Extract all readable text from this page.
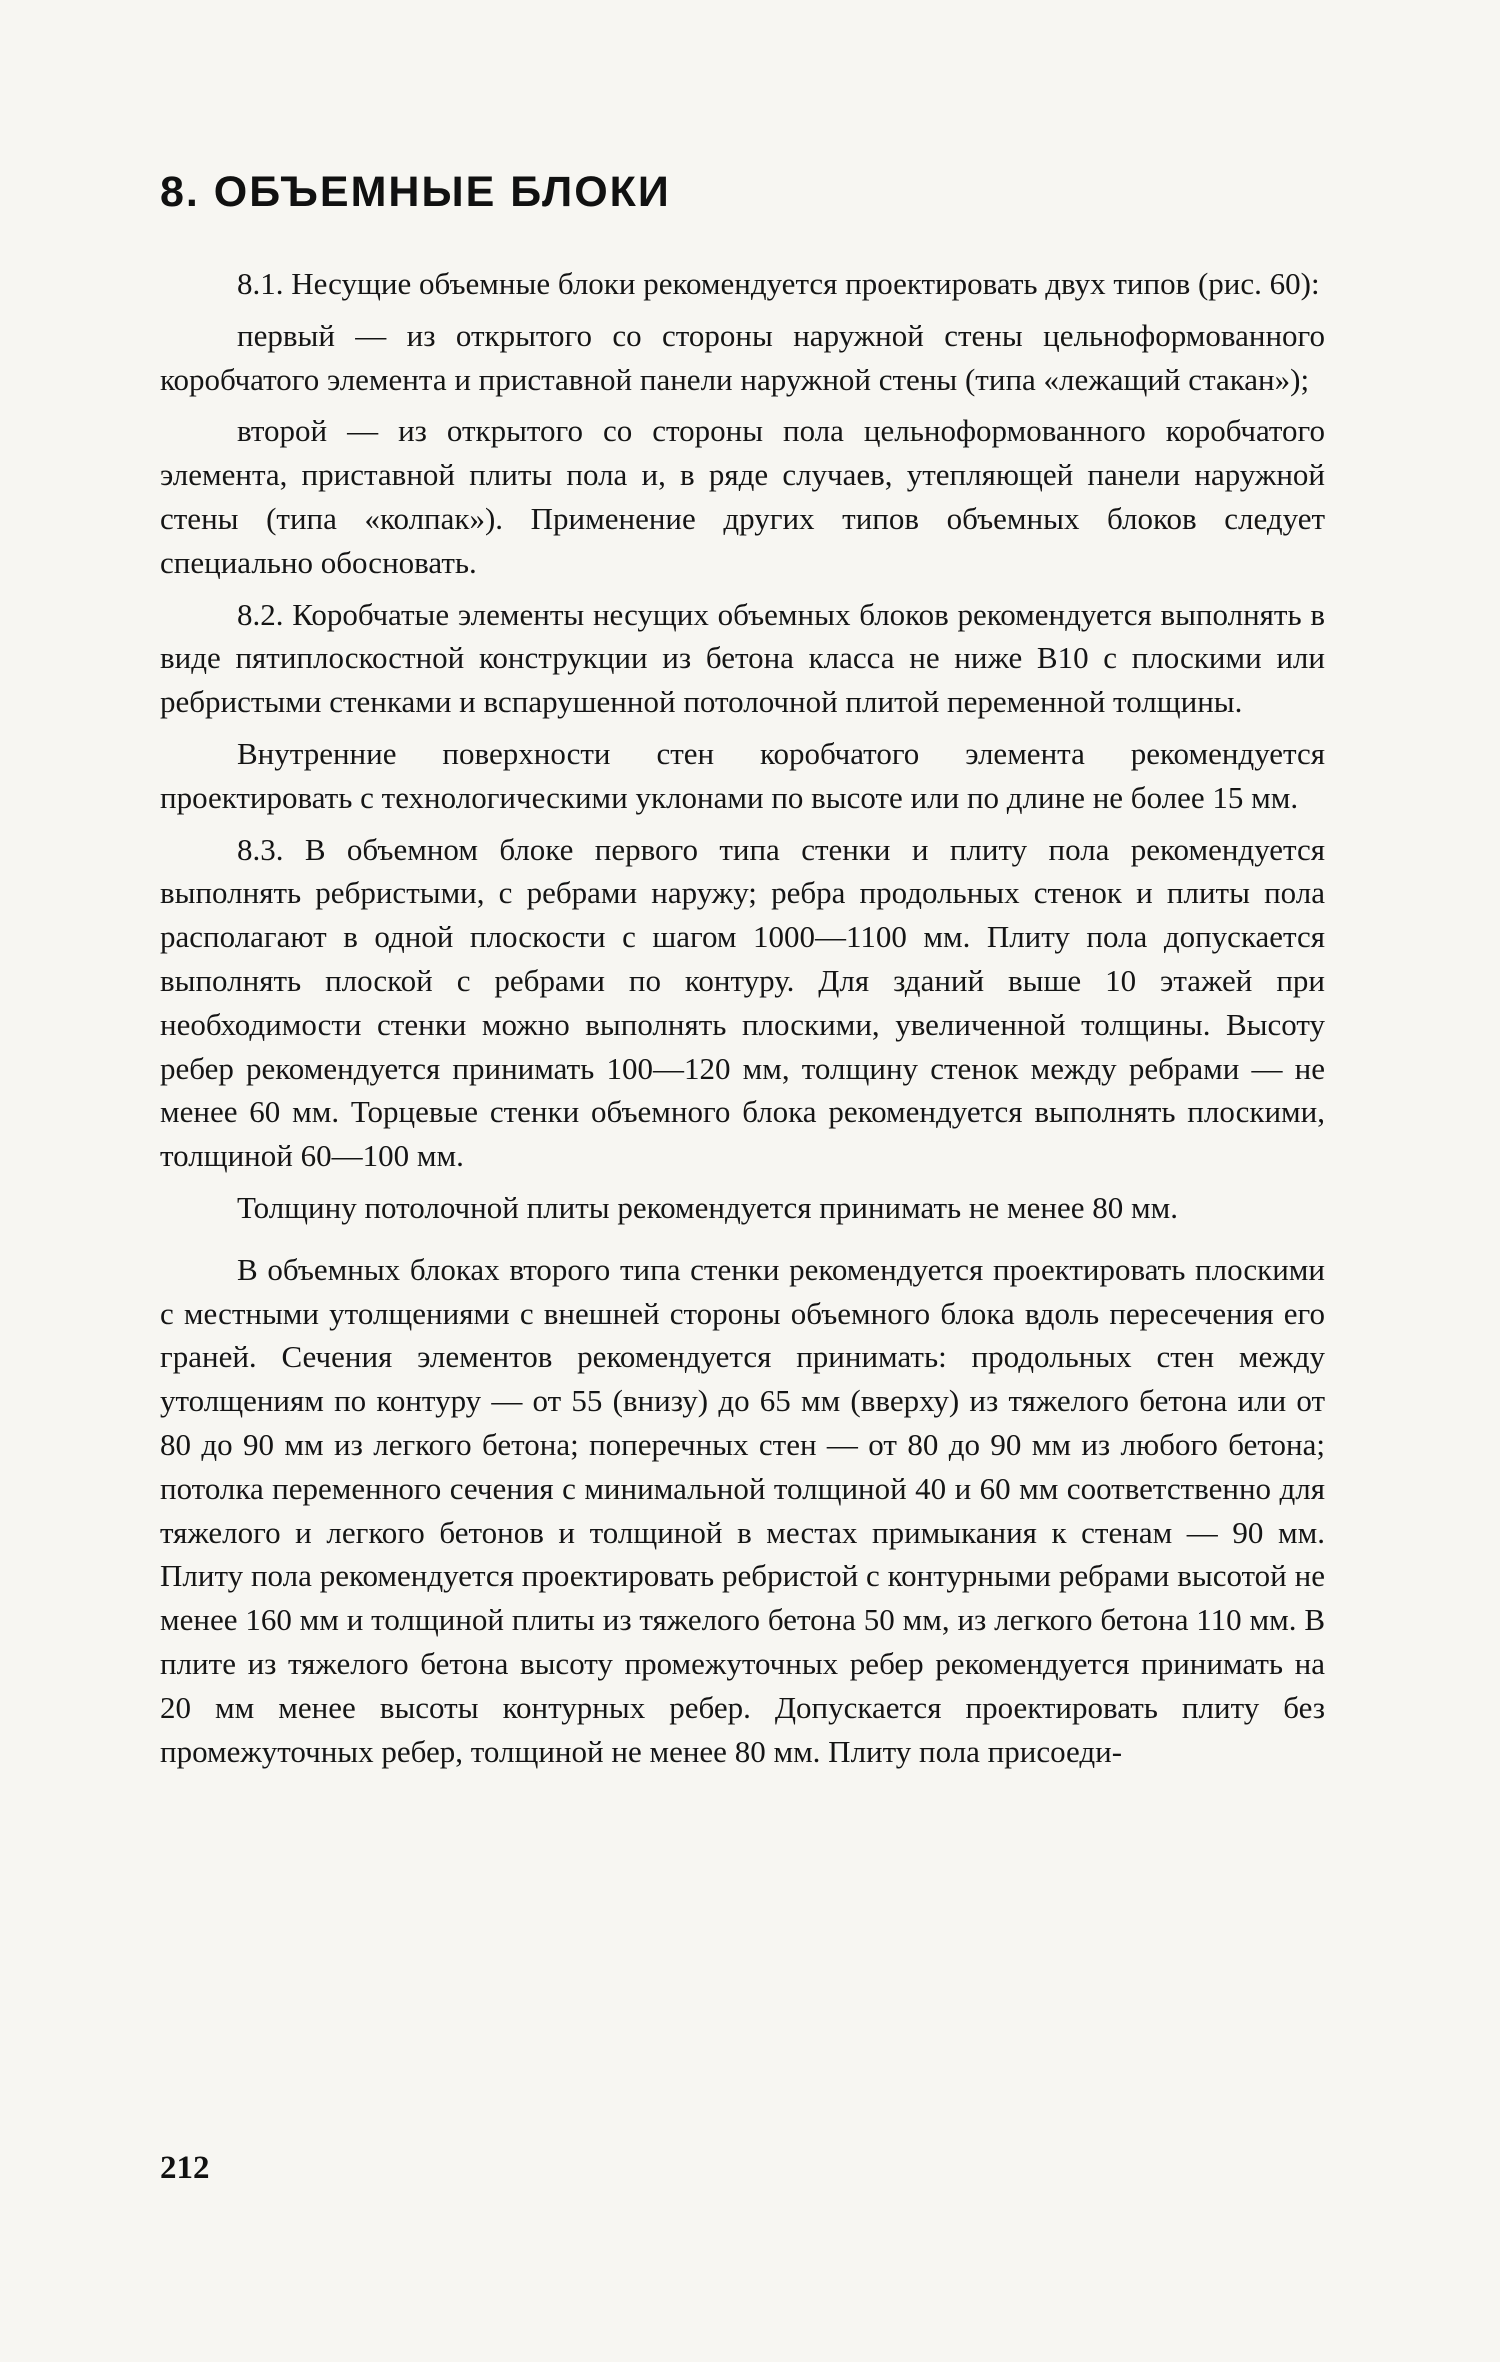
8. ОБЪЕМНЫЕ БЛОКИ

8.1. Несущие объемные блоки рекомендуется проектировать двух типов (рис. 60):

первый — из открытого со стороны наружной стены цельноформованного коробчатого элемента и приставной панели наружной стены (типа «лежащий стакан»);

второй — из открытого со стороны пола цельноформованного коробчатого элемента, приставной плиты пола и, в ряде случаев, утепляющей панели наружной стены (типа «колпак»). Применение других типов объемных блоков следует специально обосновать.

8.2. Коробчатые элементы несущих объемных блоков рекомендуется выполнять в виде пятиплоскостной конструкции из бетона класса не ниже В10 с плоскими или ребристыми стенками и вспарушенной потолочной плитой переменной толщины.

Внутренние поверхности стен коробчатого элемента рекомендуется проектировать с технологическими уклонами по высоте или по длине не более 15 мм.

8.3. В объемном блоке первого типа стенки и плиту пола рекомендуется выполнять ребристыми, с ребрами наружу; ребра продольных стенок и плиты пола располагают в одной плоскости с шагом 1000—1100 мм. Плиту пола допускается выполнять плоской с ребрами по контуру. Для зданий выше 10 этажей при необходимости стенки можно выполнять плоскими, увеличенной толщины. Высоту ребер рекомендуется принимать 100—120 мм, толщину стенок между ребрами — не менее 60 мм. Торцевые стенки объемного блока рекомендуется выполнять плоскими, толщиной 60—100 мм.

Толщину потолочной плиты рекомендуется принимать не менее 80 мм.

В объемных блоках второго типа стенки рекомендуется проектировать плоскими с местными утолщениями с внешней стороны объемного блока вдоль пересечения его граней. Сечения элементов рекомендуется принимать: продольных стен между утолщениям по контуру — от 55 (внизу) до 65 мм (вверху) из тяжелого бетона или от 80 до 90 мм из легкого бетона; поперечных стен — от 80 до 90 мм из любого бетона; потолка переменного сечения с минимальной толщиной 40 и 60 мм соответственно для тяжелого и легкого бетонов и толщиной в местах примыкания к стенам — 90 мм. Плиту пола рекомендуется проектировать ребристой с контурными ребрами высотой не менее 160 мм и толщиной плиты из тяжелого бетона 50 мм, из легкого бетона 110 мм. В плите из тяжелого бетона высоту промежуточных ребер рекомендуется принимать на 20 мм менее высоты контурных ребер. Допускается проектировать плиту без промежуточных ребер, толщиной не менее 80 мм. Плиту пола присоеди-

212
